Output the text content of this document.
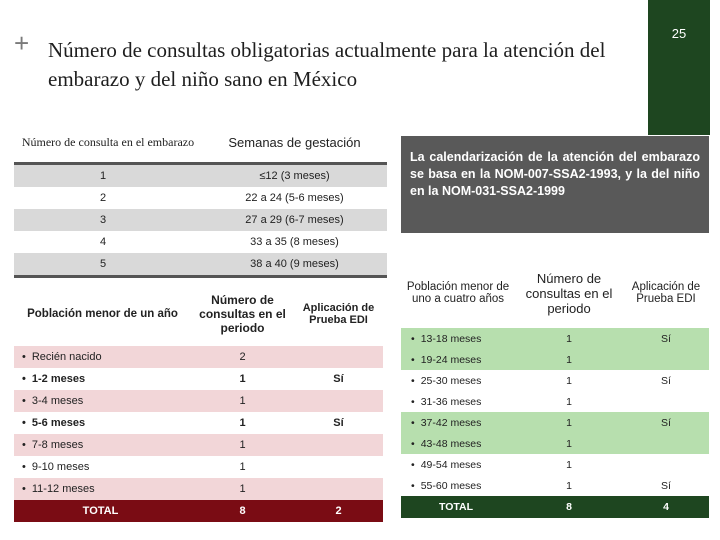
+ Número de consultas obligatorias actualmente para la atención del embarazo y del niño sano en México
25
Número de consulta en el embarazo	Semanas de gestación
1	≤12 (3 meses)
2	22 a 24 (5-6 meses)
3	27 a 29 (6-7 meses)
4	33 a 35 (8 meses)
5	38 a 40 (9 meses)
Población menor de un año	Número de consultas en el periodo	Aplicación de Prueba EDI
• Recién nacido	2	
• 1-2 meses	1	Sí
• 3-4 meses	1	
• 5-6 meses	1	Sí
• 7-8 meses	1	
• 9-10 meses	1	
• 11-12 meses	1	
TOTAL	8	2
La calendarización de la atención del embarazo se basa en la NOM-007-SSA2-1993, y la del niño en la NOM-031-SSA2-1999
Población menor de uno a cuatro años	Número de consultas en el periodo	Aplicación de Prueba EDI
• 13-18 meses	1	Sí
• 19-24 meses	1	
• 25-30 meses	1	Sí
• 31-36 meses	1	
• 37-42 meses	1	Sí
• 43-48 meses	1	
• 49-54 meses	1	
• 55-60 meses	1	Sí
TOTAL	8	4
